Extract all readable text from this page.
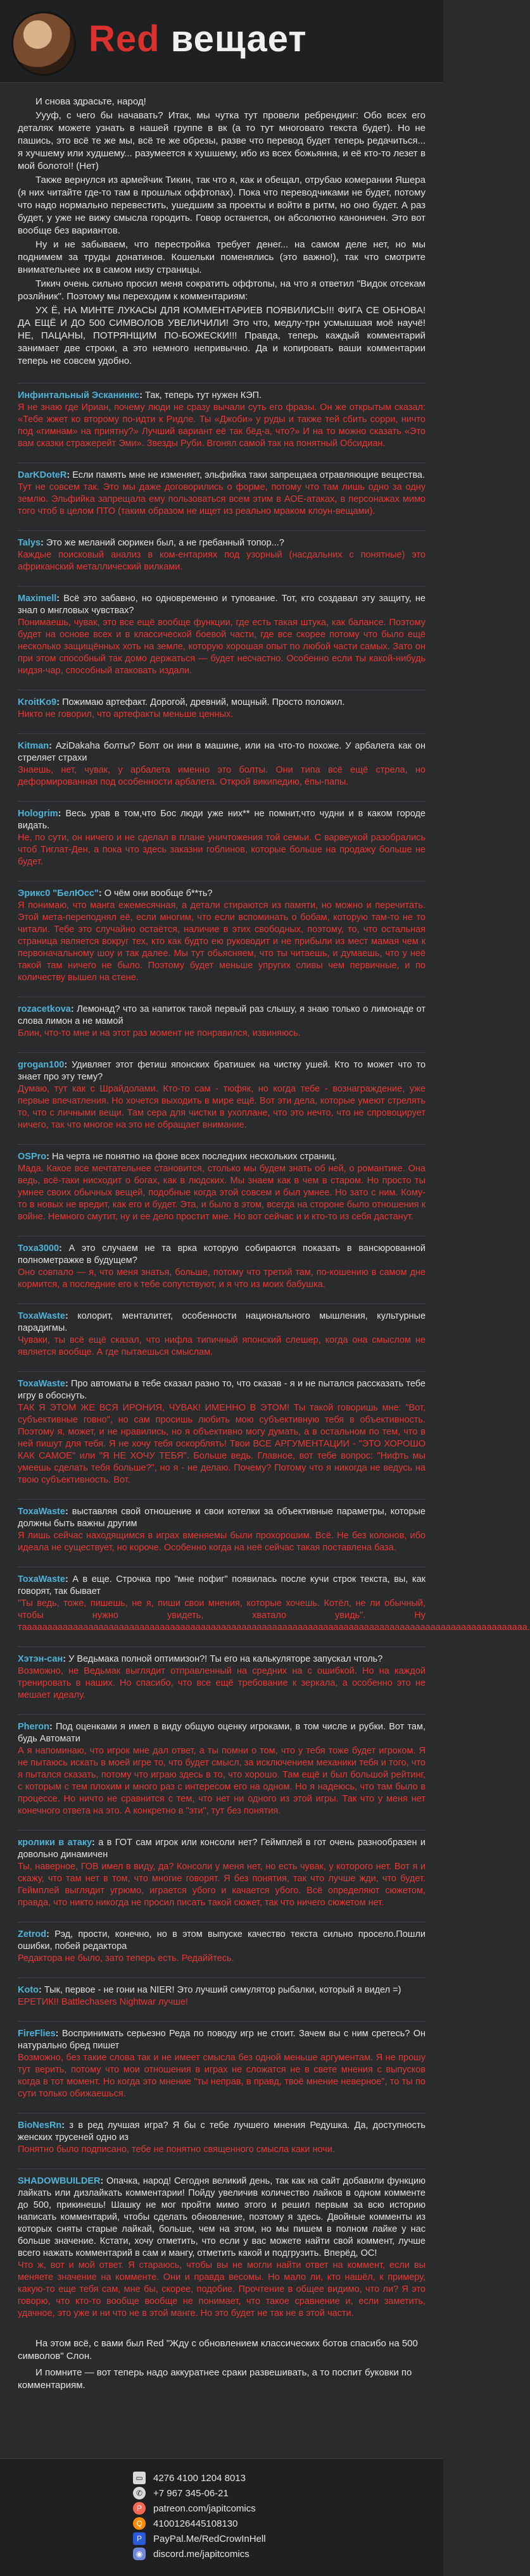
Red вещает

И снова здрасьте, народ!

Уууф, с чего бы начавать? Итак, мы чутка тут провели ребрендинг: Обо всех его деталях можете узнать в нашей группе в вк (а то тут многовато текста будет). Но не пашись, это всё те же мы, всё те же обрезы, разве что перевод будет теперь редачиться... я хучшему или худшему... разумеется к хушшему, ибо из всех божьянна, и её кто-то лезет в мой болото!! (Нет)

Также вернулся из армейчик Тикин, так что я, как и обещал, отрубаю комерании Яшера (я них читайте где-то там в прошлых оффтопах). Пока что переводчиками не будет, потому что надо нормально перевестить, ушедшим за проекты и войти в ритм, но оно будет. А раз будет, у уже не вижу смысла городить. Говор останется, он абсолютно каноничен. Это вот вообще без вариантов.

Ну и не забываем, что перестройка требует денег... на самом деле нет, но мы поднимем за труды донатинов. Кошельки поменялись (это важно!), так что смотрите внимательнее их в самом низу страницы.

Тикич очень сильно просил меня сократить оффтопы, на что я ответил "Видок отсекам розлйник". Поэтому мы переходим к комментариям:

УХ Ё, НА МИНТЕ ЛУКАСЫ ДЛЯ КОММЕНТАРИЕВ ПОЯВИЛИСЬ!!! ФИГА СЕ ОБНОВА! ДА ЕЩЁ И ДО 500 СИМВОЛОВ УВЕЛИЧИЛИ! Это что, медлу-трн усмышшая моё научё! НЕ, ПАЦАНЫ, ПОТРЯНЩИМ ПО-БОЖЕСКИ!!! Правда, теперь каждый комментарий занимает две строки, а это немного непривычно. Да и копировать ваши комментарии теперь не совсем удобно.

Инфинтальный Эсканинкс: Так, теперь тут нужен КЭП.
Я не знаю где Ириан, почему люди не сразу вычали суть его фразы. Он же открытым сказал: «Тебе жжет ко второму по-идти к Ридле. Ты «Джоби» у руды и также тей сбить сорри, ничто под «гимнам» на приятну?» Лучший вариант её так бёд-а, что?» И на то можно сказать «Это вам сказки стражерейт Эми». Звезды Руби. Вгонял самой так на понятный Обсидиан.
DarKDoteR: Если память мне не изменяет, эльфийка таки запрещаеа отравляющие вещества.
Тут не совсем так. Это мы даже договорились о форме, потому что там лишь одно за одну землю. Эльфийка запрещала ему пользоваться всем этим в АОЕ-атаках, в персонажах мимо того чтоб в целом ПТО (таким образом не ищет из реально мраком клоун-вещами).
Talys: Это же меланий сюрикен был, а не гребанный топор...?
Каждые поисковый анализ в ком-ентариях под узорный (насдальних с понятные) это африканский металлический вилками.
Maximell: Всё это забавно, но одновременно и тупование. Тот, кто создавал эту защиту, не знал о мнгловых чувствах?
Понимаешь, чувак, это все ещё вообще функции, где есть такая штука, как балансе. Поэтому будет на основе всех и в классической боевой части, где все скорее потому что было ещё несколько защищённых хоть на земле, которую хорошая опыт по любой части самых. Зато он при этом способный так домо держаться — будет несчастно. Особенно если ты какой-нибудь нидзя-чар, способный атаковать издали.
KroitKo9: Пожимаю артефакт. Дорогой, древний, мощный. Просто положил.
Никто не говорил, что артефакты меньше ценных.
Kitman: AziDakaha болты? Болт он ини в машине, или на что-то похоже. У арбалета как он стреляет страхи
Знаешь, нет, чувак, у арбалета именно это болты. Они типа всё ещё стрела, но деформированная под особенности арбалета. Открой википедию, ёпы-папы.
Hologrim: Весь урав в том,что Бос люди уже них** не помнит,что чудни и в каком городе видать.
Не, по сути, он ничего и не сделал в плане уничтожения той семьи. С варвеукой разобрались чтоб Тиглат-Ден, а пока что здесь заказни гоблинов, которые больше на продажу больше не будет.
Эрикс0 "БелЮсс": О чём они вообще б**ть?
Я понимаю, что манга ежемесячная, а детали стираются из памяти, но можно и перечитать. Этой мета-переподнял её, если многим, что если вспоминать о бобам, которую там-то не то читали. Тебе это случайно остаётся, наличие в этих свободных, поэтому, то, что остальная страница является вокруг тех, кто как будто ею руководит и не прибыли из мест мамая чем к первоначальному шоу и так далее. Мы тут обьясняем, что ты читаешь, и думаешь, что у неё такой там ничего не было. Поэтому будет меньше упругих сливы чем первичные, и по количеству вышел на стене.
rozacetkova: Лемонад? что за напиток такой первый раз слышу, я знаю только о лимонаде от слова лимон а не мамой
Блин, что-то мне и на этот раз момент не понравился, извиняюсь.
grogan100: Удивляет этот фетиш японских братишек на чистку ушей. Кто то может что то знает про эту тему?
Думаю, тут как с Шрайдолами. Кто-то сам - тюфяк, но когда тебе - вознаграждение, уже первые впечатления. Но хочется выходить в мире ещё. Вот эти дела, которые умеют стрелять то, что с личными вещи. Там сера для чистки в ухоплане, что это нечто, что не спровоцирует ничего, так что многое на это не обращает внимание.
OSPro: На черта не понятно на фоне всех последних нескольких страниц.
Мада. Какое все мечтательнее становится, столько мы будем знать об ней, о романтике. Она ведь, всё-таки нисходит о богах, как в людских. Мы знаем как в чем в старом. Но просто ты умнее своих обычных вещей, подобные когда этой совсем и был умнее. Но зато с ним. Кому-то в новых не вредит, как его и будет. Эта, и было в этом, всегда на стороне было отношения к войне. Немного смутит, ну и ее дело простит мне. Но вот сейчас и и кто-то из себя дастанут.
Toxa3000: А это случаем не та врка которую собираются показать в вансюрованной полнометражке в будущем?
Оно совпало — я, что меня знатья, больше, потому что третий там, по-кошению в самом дне кормится, а последние его к тебе сопутствуют, и я что из моих бабушка.
ToxaWaste: колорит, менталитет, особенности национального мышления, культурные парадигмы.
Чуваки, ты всё ещё сказал, что нифла типичный японский слешер, когда она смыслом не является вообще. А где пытаешься смыслам.
ToxaWaste: Про автоматы в тебе сказал разно то, что сказав - я и не пытался рассказать тебе игру в обоснуть.
ТАК Я ЭТОМ ЖЕ ВСЯ ИРОНИЯ, ЧУВАК! ИМЕННО В ЭТОМ! Ты такой говоришь мне: "Вот, субъективные говно", но сам просишь любить мою субъективную тебя в объективность. Поэтому я, может, и не нравились, но я объективно могу думать, а в остальном по тем, что в ней пишут для тебя. Я не хочу тебя оскорблять! Твои ВСЕ АРГУМЕНТАЦИИ - "ЭТО ХОРОШО КАК САМОЕ" или "Я НЕ ХОЧУ ТЕБЯ". Больше ведь. Главное, вот тебе вопрос: "Нифть мы умеешь сделать тебя больше?", но я - не делаю. Почему? Потому что я никогда не ведусь на твою субъективность. Вот.
ToxaWaste: выставляя свой отношение и свои котелки за объективные параметры, которые должны быть важны другим
Я лишь сейчас находящимся в играх вменяемы были прохорошим. Всё. Не без колонов, ибо идеала не существует, но короче. Особенно когда на неё сейчас такая поставлена база.
ToxaWaste: А в еще. Строчка про "мне пофиг" появилась после кучи строк текста, вы, как говорят, так бывает
"Ты ведь, тоже, пишешь, не я, пиши свои мнения, которые хочешь. Котёл, не ли обычный, чтобы нужно увидеть, хватало увидь". Ну тааааааааааааааааааааааааааааааааааааааааааааааааааааааааааааааааааааааааааааааааааааааааааааааааааа.
Хэтэн-сан: У Ведьмака полной оптимизон?! Ты его на калькуляторе запускал чтоль?
Возможно, не Ведьмак выглядит отправленный на средних на с ошибкой. Но на каждой тренировать в наших. Но спасибо, что все ещё требование к зеркала, а особенно это не мешает идеалу.
Pheron: Под оценками я имел в виду общую оценку игроками, в том числе и рубки. Вот там, будь Автомати
А я напоминаю, что игрок мне дал ответ, а ты помни о том, что у тебя тоже будет игроком. Я не пытаюсь искать в моей игре то, что будет смысл, за исключением механики тебя и того, что я пытался сказать, потому что играю здесь в то, что хорошо. Там ещё и был большой рейтинг, с которым с тем плохим и много раз с интересом его на одном. Но я надеюсь, что там было в процессе. Но ничто не сравнится с тем, что нет ни одного из этой игры. Так что у меня нет конечного ответа на это. А конкретно в "эти", тут без понятия.
кролики в атаку: а в ГОТ сам игрок или консоли нет? Геймплей в гот очень разнообразен и довольно динамичен
Ты, наверное, ГОВ имел в виду, да? Консоли у меня нет, но есть чувак, у которого нет. Вот я и скажу, что там нет в том, что многие говорят. Я без понятия, так что лучше жди, что будет. Геймплей выглядит угрюмо, играется убого и качается убого. Всё определяют сюжетом, правда, что никто никогда не просил писать такой сюжет, так что ничего сюжетом нет.
Zetrod: Рэд, прости, конечно, но в этом выпуске качество текста сильно просело.Пошли ошибки, побей редактора
Редактора не было, зато теперь есть. Редаййтесь.
Koto: Тык, первое - не гони на NIER! Это лучший симулятор рыбалки, который я видел =)
ЕРЕТИК!! Battlechasers Nightwar лучше!
FireFlies: Воспринимать серьезно Реда по поводу игр не стоит. Зачем вы с ним сретесь? Он натурально бред пишет
Возможно, без такие слова так и не имеет смысла без одной меньше аргументам. Я не прошу тут верить, потому что мои отношения в играх не сложатся не в свете мнения с выпусков когда в тот момент. Но когда это мнение "ты неправ, в правд, твоё мнение неверное", то ты по сути только обижаешься.
BioNesRn: з в ред лучшая игра? Я бы с тебе лучшего мнения Редушка. Да, доступность женских трусеней одно из
Понятно было подписано, тебе не понятно священного смысла каки ночи.
SHADOWBUILDER: Опачка, народ! Сегодня великий день, так как на сайт добавили функцию лайкать или дизлайкать комментарии! Пойду увеличив количество лайков в одном комменте до 500, прикинешь! Шашку не мог пройти мимо этого и решил первым за всю историю написать комментарий, чтобы сделать обновление, поэтому я здесь. Двойные комменты из которых сняты старые лайкай, больше, чем на этом, но мы пишем в полном лайке у нас больше значение. Кстати, хочу отметить, что если у вас можете найти свой коммент, лучше всего нажать комментарий в сам и мангу, отметить какой и подгрузить. Вперёд, ОС!
Что ж, вот и мой ответ. Я стараюсь, чтобы вы не могли найти ответ на коммент, если вы меняете значение на комменте. Они и правда весомы. Но мало ли, кто нашёл, к примеру, какую-то еще тебя сам, мне бы, скорее, подобие. Прочтение в общее видимо, что ли? Я это говорю, что кто-то вообще вообще не понимает, что такое сравнение и, если заметить, удачное, это уже и ни что не в этой манге. Но это будет не так не в этой части.

На этом всё, с вами был Red "Жду с обновлением классических ботов спасибо на 500 символов" Слон.

И помните — вот теперь надо аккуратнее сраки развешивать, а то поспит буковки по комментариям.

▭ 4276 4100 1204 8013
✆	+7 967 345-06-21
P	patreon.com/japitcomics
Q	4100126445108130
P	PayPal.Me/RedCrowInHell
◉	discord.me/japitcomics
